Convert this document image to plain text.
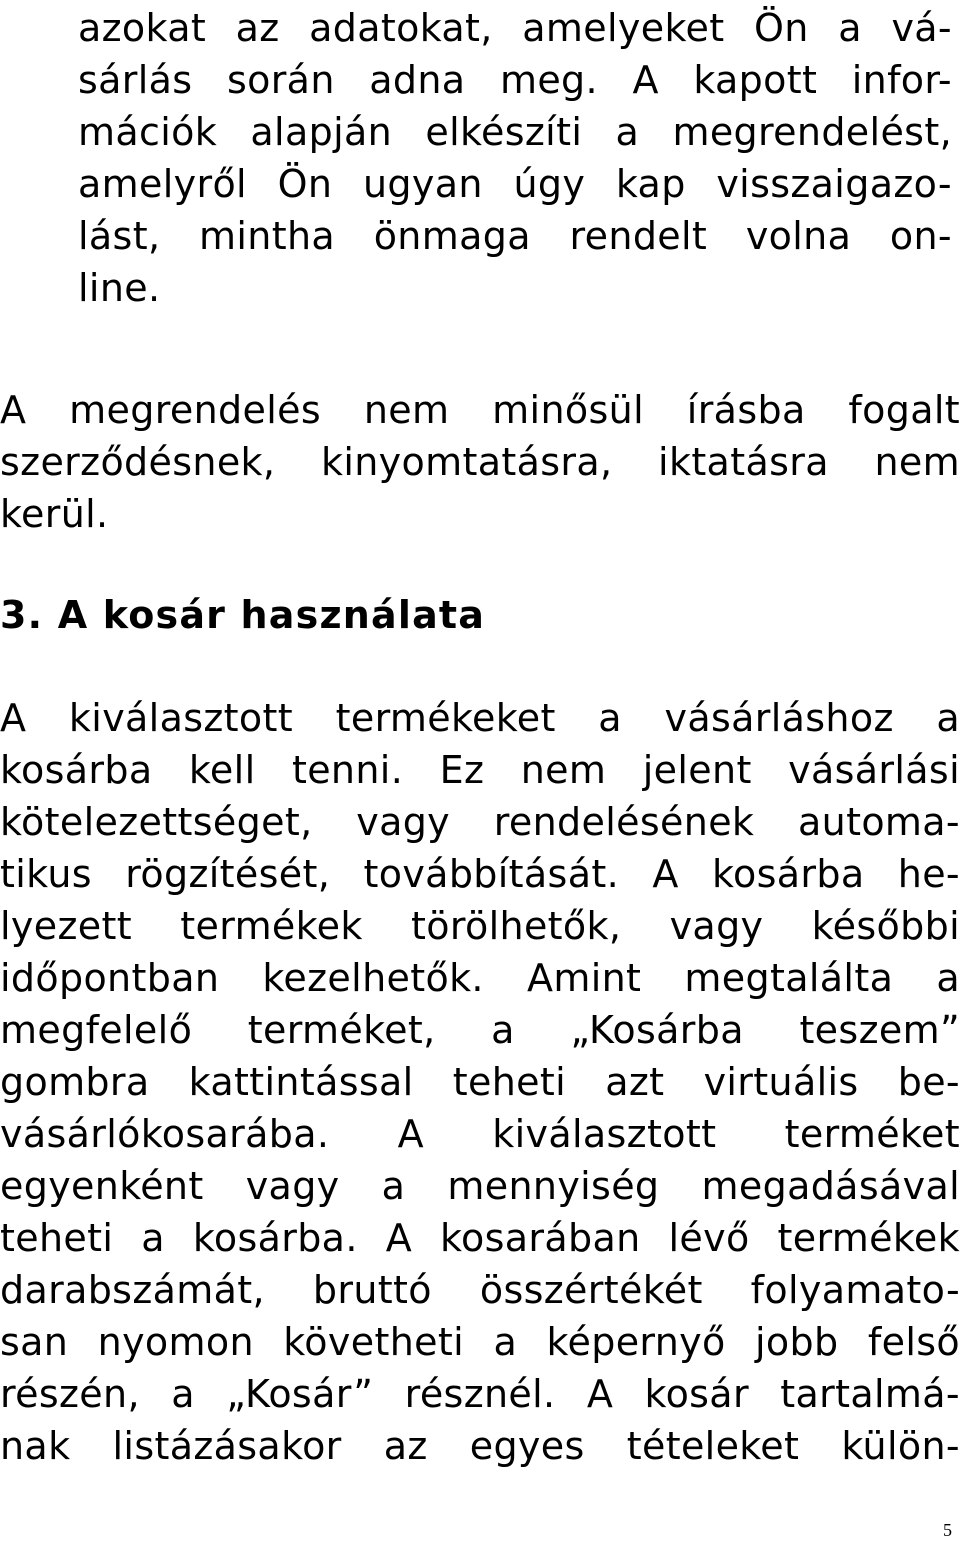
azokat az adatokat, amelyeket Ön a vá-
sárlás során adna meg. A kapott infor-
mációk alapján elkészíti a megrendelést,
amelyről Ön ugyan úgy kap visszaigazo-
lást, mintha önmaga rendelt volna on-
line.
A megrendelés nem minősül írásba fogalt
szerződésnek, kinyomtatásra, iktatásra nem
kerül.
3. A kosár használata
A kiválasztott termékeket a vásárláshoz a
kosárba kell tenni. Ez nem jelent vásárlási
kötelezettséget, vagy rendelésének automa-
tikus rögzítését, továbbítását. A kosárba he-
lyezett termékek törölhetők, vagy későbbi
időpontban kezelhetők. Amint megtalálta a
megfelelő terméket, a „Kosárba teszem”
gombra kattintással teheti azt virtuális be-
vásárlókosarába. A kiválasztott terméket
egyenként vagy a mennyiség megadásával
teheti a kosárba. A kosarában lévő termékek
darabszámát, bruttó összértékét folyamato-
san nyomon követheti a képernyő jobb felső
részén, a „Kosár” résznél. A kosár tartalmá-
nak listázásakor az egyes tételeket külön-
5
